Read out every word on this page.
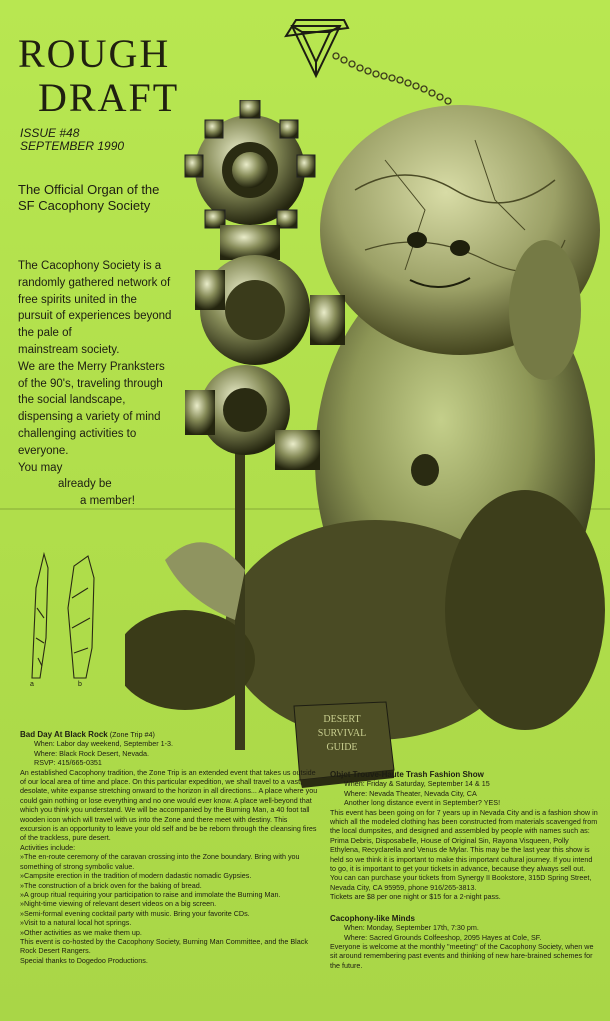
ROUGH
DRAFT
ISSUE #48
SEPTEMBER 1990
The Official Organ of the
SF Cacophony Society
The Cacophony Society is a
randomly gathered network of
free spirits united in the
pursuit of experiences beyond
the pale of
mainstream society.
We are the Merry Pranksters
of the 90's, traveling through
the social landscape,
dispensing a variety of mind
challenging activities to
everyone.
You may
already be
a member!
a	b
DESERT
SURVIVAL
GUIDE

Bad Day At Black Rock (Zone Trip #4)

When: Labor day weekend, September 1-3.

Where: Black Rock Desert, Nevada.

RSVP: 415/665-0351

An established Cacophony tradition, the Zone Trip is an extended event that takes us outside of our local area of time and place. On this particular expedition, we shall travel to a vast, desolate, white expanse stretching onward to the horizon in all directions... A place where you could gain nothing or lose everything and no one would ever know. A place well-beyond that which you think you understand. We will be accompanied by the Burning Man, a 40 foot tall wooden icon which will travel with us into the Zone and there meet with destiny. This excursion is an opportunity to leave your old self and be be reborn through the cleansing fires of the trackless, pure desert.

Activities include:

»The en-route ceremony of the caravan crossing into the Zone boundary. Bring with you something of strong symbolic value.

»Campsite erection in the tradition of modern dadastic nomadic Gypsies.

»The construction of a brick oven for the baking of bread.

»A group ritual requiring your participation to raise and immolate the Burning Man.

»Night-time viewing of relevant desert videos on a big screen.

»Semi-formal evening cocktail party with music. Bring your favorite CDs.

»Visit to a natural local hot springs.

»Other activities as we make them up.

This event is co-hosted by the Cacophony Society, Burning Man Committee, and the Black Rock Desert Rangers.

Special thanks to Dogedoo Productions.

Objet Trouve-Haute Trash Fashion Show

When: Friday & Saturday, September 14 & 15

Where: Nevada Theater, Nevada City, CA

Another long distance event in September? YES!

This event has been going on for 7 years up in Nevada City and is a fashion show in which all the modeled clothing has been constructed from materials scavenged from the local dumpsites, and designed and assembled by people with names such as: Prima Debris, Disposabelle, House of Original Sin, Rayona Visqueen, Polly Ethylena, Recyclarella and Venus de Mylar. This may be the last year this show is held so we think it is important to make this important cultural journey. If you intend to go, it is important to get your tickets in advance, because they always sell out. You can can purchase your tickets from Synergy II Bookstore, 315D Spring Street, Nevada City, CA 95959, phone 916/265-3813.

Tickets are $8 per one night or $15 for a 2-night pass.

Cacophony-like Minds

When: Monday, September 17th, 7:30 pm.

Where: Sacred Grounds Colfeeshop, 2095 Hayes at Cole, SF.

Everyone is welcome at the monthly "meeting" of the Cacophony Society, when we sit around remembering past events and thinking of new hare-brained schemes for the future.
